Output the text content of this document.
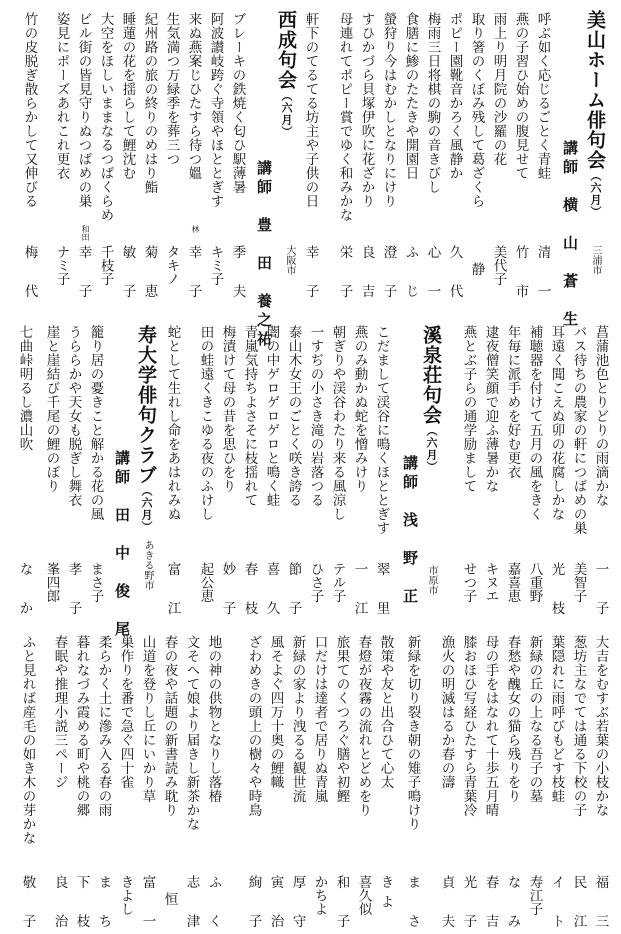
美山ホーム俳句会（六月）
講師　横　山　蒼　生 三浦市
呼ぶ如く応じるごとく青蛙
清　一
燕の子習ひ始めの腹見せて
竹　市
雨上り明月院の沙羅の花
美代子
取り箸のくぼみ残して葛ざくら
静
ポピー園靴音かろく風静か
久　代
梅雨三日将棋の駒の音きびし
心　一
食膳に鯵のたたきや開園日
ふ　じ
螢狩り今はむかしとなりにけり
澄　子
すひかづら貝塚伊吹に花ざかり
良　吉
母連れてポピー賞でゆく和みかな
栄　子
軒下のてるてる坊主や子供の日
幸　子
西成句会（六月）
講師　豊　田　養之祐 大阪市
ブレーキの鉄焼く匂ひ駅薄暑
季　夫
阿波讃岐跨ぐ寺領やほととぎす
キミ子
来ぬ燕案じひたすら待つ媼
林
幸　子
生気満つ万緑季を葬三つ
タキノ
紀州路の旅の終りのめはり鮨
菊　恵
睡蓮の花を揺らして鯉沈む
敏　子
大空をほしいままなるつばくらめ
千枝子
ビル街の皆見守りぬつばめの巣
和田
幸　子
姿見にポーズあれこれ更衣
ナミ子
竹の皮脱ぎ散らかして又伸びる
梅　代
菖蒲池色とりどりの雨滴かな
一　子
バス待ちの農家の軒につばめの巣
美智子
耳遠く聞こえぬ卯の花腐しかな
光　枝
補聴器を付けて五月の風をきく
八重野
年毎に派手めを好む更衣
嘉喜恵
逮夜僧笑顔で迎ふ薄暑かな
キヌエ
燕とぶ子らの通学励まして
せつ子
溪泉荘句会（六月）
講師　浅　野　正 市原市
こだまして渓谷に鳴くほととぎす
翠　里
燕のみ動かぬ蛇を憎みけり
一　江
朝ぎりや渓谷わたり来る風涼し
テル子
一すぢの小さき滝の岩落つる
ひさ子
泰山木女王のごとく咲き誇る
節　子
闇の中ゲロゲロゲロと鳴く蛙
喜　久
青嵐気持ちよさそに枝揺れて
春　枝
梅漬けて母の昔を思ひをり
妙　子
田の蛙遠くきこゆる夜のふけし
起公恵
蛇として生れし命をあはれみぬ
富　江
寿大学俳句クラブ（六月）
講師　田　中　俊　尾 あきる野市
籠り居の憂きこと解かる花の風
まさ子
うららかや天女も脱ぎし舞衣
孝　子
崖と崖結び千尾の鯉のぼり
峯四郎
七曲峠明るし濃山吹
な　か
大吉をむすぶ若葉の小枝かな
福　三
葱坊主なでては通る下校の子
民　江
葉隠れに雨呼びもどす枝蛙
イ　ト
新緑の丘の上なる吾子の墓
寿江子
春愁や醜女の猫ら残りをり
な　み
母の手をはなれて十歩五月晴
春　吉
膝おほひ写経ひたすら青葉冷
光　子
漁火の明滅はるか春の濤
貞　夫
新緑を切り裂き朝の雉子鳴けり
ま　さ
散策や友と出合ひて心太
きよ
春燈が夜霧の流れとどめをり
喜久似
旅果てのくつろぐ膳や初鰹
和　子
口だけは達者で居りぬ青嵐
かちよ
新緑の家より洩るる観世流
厚　守
風そよぐ四万十奥の鯉幟
寅　治
ざわめきの頭上の樹々や時鳥
絢　子
地の神の供物となりし落椿
ふ　く
文そへて娘より届きし新茶かな
志　津
春の夜や話題の新書読み耽り
恒
山道を登りし丘にいかり草
富　一
巣作りを番で急ぐ四十雀
きよし
柔らかく土に滲み入る春の雨
ま　ち
暮れなづみ霞める町や桃の郷
下　枝
春眠や推理小説三ページ
良　治
ふと見れば産毛の如き木の芽かな
敬　子
